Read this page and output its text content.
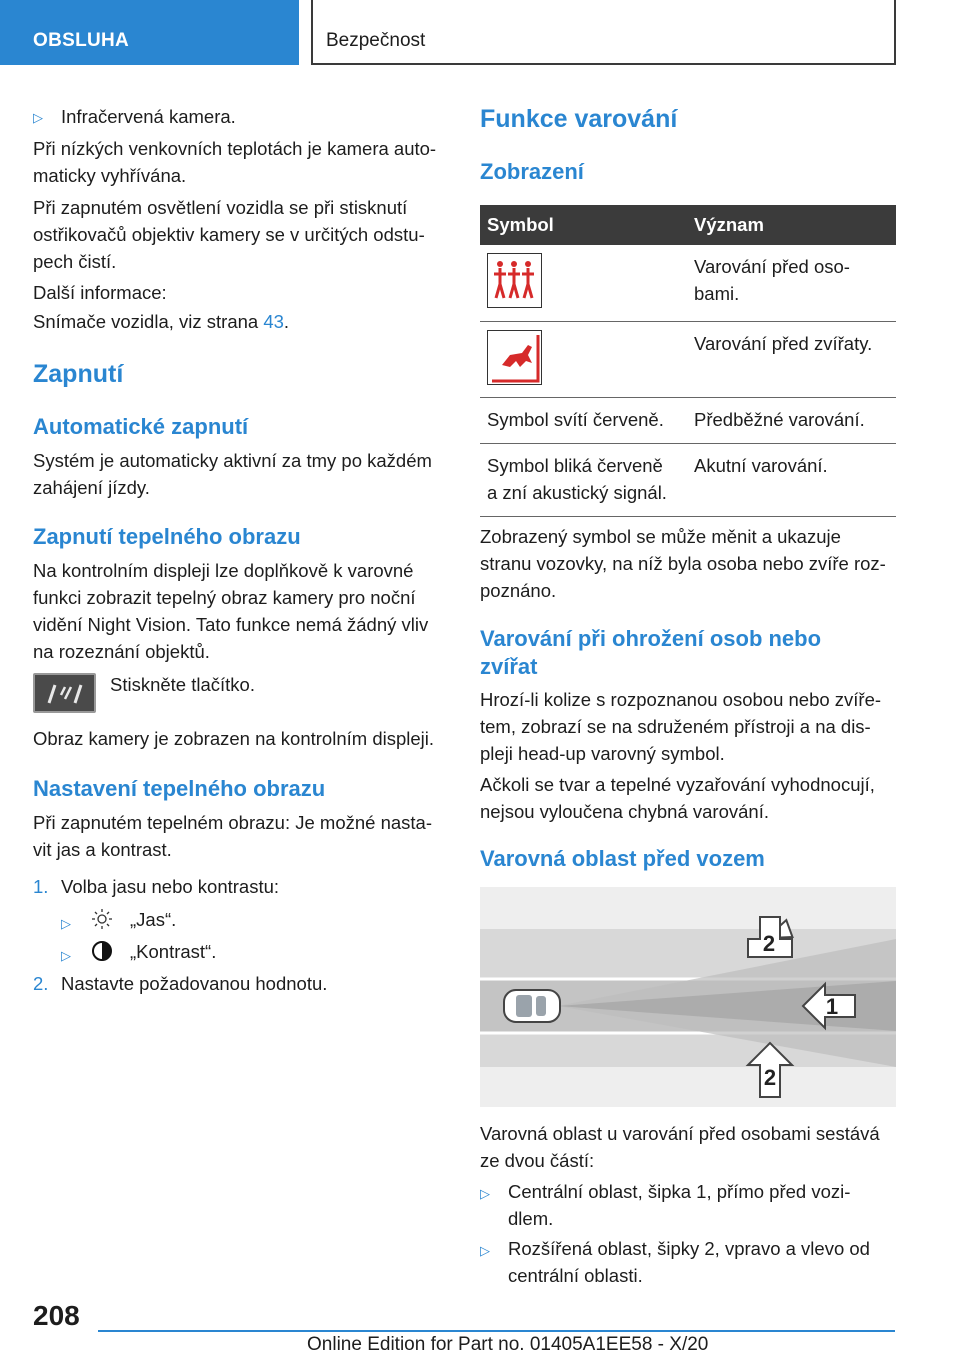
OBSLUHA	Bezpečnost
▷ Infračervená kamera.
Při nízkých venkovních teplotách je kamera auto-
maticky vyhřívána.
Při zapnutém osvětlení vozidla se při stisknutí
ostřikovačů objektiv kamery se v určitých odstu-
pech čistí.
Další informace:
Snímače vozidla, viz strana 43.
Zapnutí
Automatické zapnutí
Systém je automaticky aktivní za tmy po každém
zahájení jízdy.
Zapnutí tepelného obrazu
Na kontrolním displeji lze doplňkově k varovné
funkci zobrazit tepelný obraz kamery pro noční
vidění Night Vision. Tato funkce nemá žádný vliv
na rozeznání objektů.
Stiskněte tlačítko.
Obraz kamery je zobrazen na kontrolním displeji.
Nastavení tepelného obrazu
Při zapnutém tepelném obrazu: Je možné nasta-
vit jas a kontrast.
1. Volba jasu nebo kontrastu:
▷	„Jas“.
▷	„Kontrast“.
2. Nastavte požadovanou hodnotu.
Funkce varování
Zobrazení
Symbol	Význam

Varování před oso-
bami.

Varování před zvířaty.

Symbol svítí červeně.	Předběžné varování.

Symbol bliká červeně
a zní akustický signál.	Akutní varování.
Zobrazený symbol se může měnit a ukazuje
stranu vozovky, na níž byla osoba nebo zvíře roz-
poznáno.
Varování při ohrožení osob nebo
zvířat
Hrozí-li kolize s rozpoznanou osobou nebo zvíře-
tem, zobrazí se na sdruženém přístroji a na dis-
pleji head-up varovný symbol.
Ačkoli se tvar a tepelné vyzařování vyhodnocují,
nejsou vyloučena chybná varování.
Varovná oblast před vozem
2
1
2
Varovná oblast u varování před osobami sestává
ze dvou částí:
▷ Centrální oblast, šipka 1, přímo před vozi-
dlem.
▷ Rozšířená oblast, šipky 2, vpravo a vlevo od
centrální oblasti.
208
Online Edition for Part no. 01405A1EE58 - X/20
